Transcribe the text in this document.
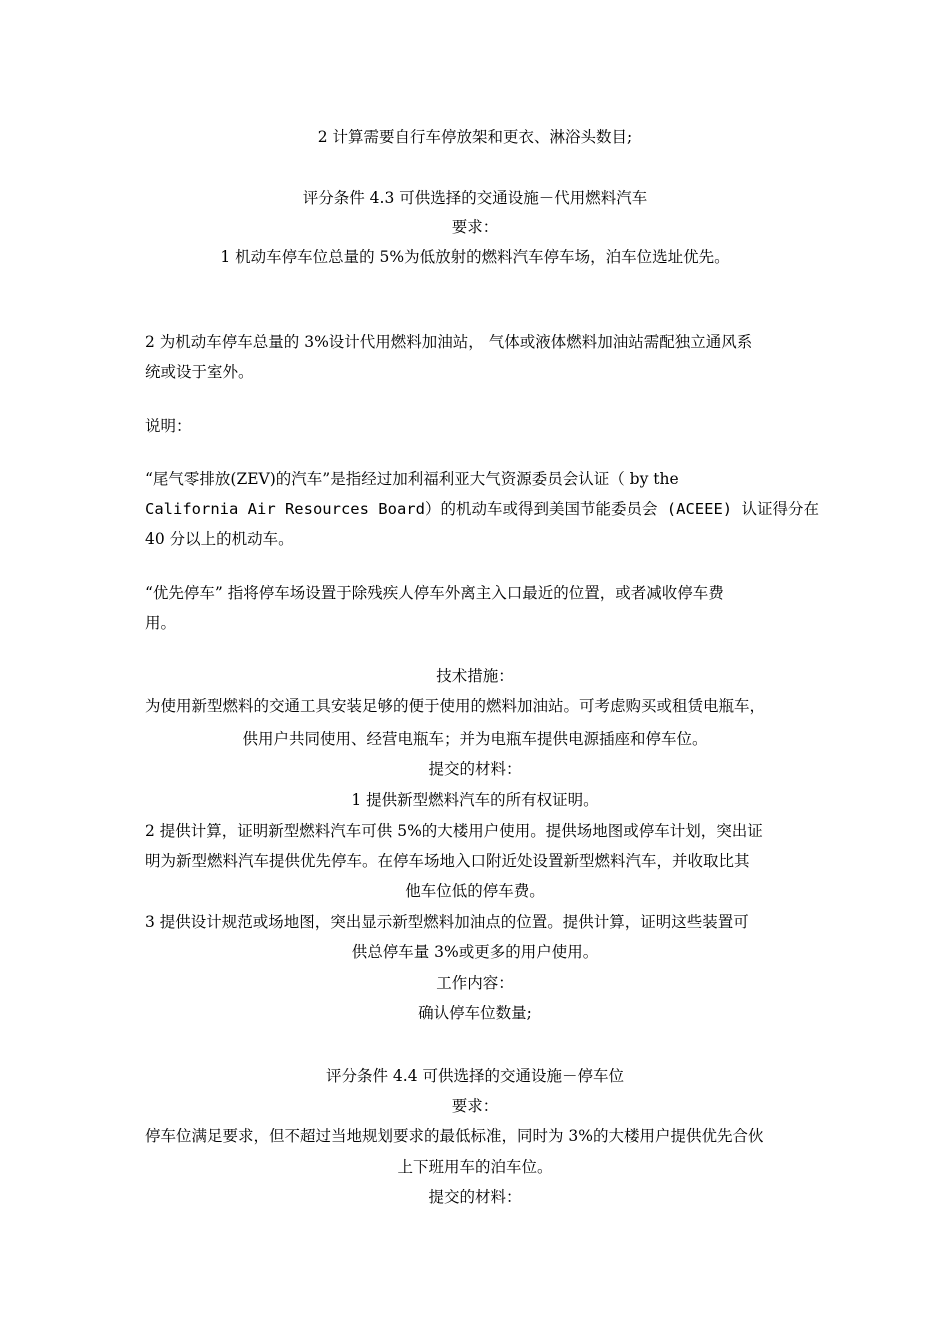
2 计算需要自行车停放架和更衣、淋浴头数目;

评分条件 4.3 可供选择的交通设施－代用燃料汽车

要求：

1 机动车停车位总量的 5%为低放射的燃料汽车停车场，泊车位选址优先。

2 为机动车停车总量的 3%设计代用燃料加油站， 气体或液体燃料加油站需配独立通风系

统或设于室外。

说明：

“尾气零排放(ZEV)的汽车”是指经过加利福利亚大气资源委员会认证（ by the

California Air Resources Board）的机动车或得到美国节能委员会 (ACEEE) 认证得分在

40 分以上的机动车。

“优先停车” 指将停车场设置于除残疾人停车外离主入口最近的位置，或者减收停车费

用。

技术措施：

为使用新型燃料的交通工具安装足够的便于使用的燃料加油站。可考虑购买或租赁电瓶车，

供用户共同使用、经营电瓶车；并为电瓶车提供电源插座和停车位。

提交的材料：

1 提供新型燃料汽车的所有权证明。

2 提供计算，证明新型燃料汽车可供 5%的大楼用户使用。提供场地图或停车计划，突出证

明为新型燃料汽车提供优先停车。在停车场地入口附近处设置新型燃料汽车，并收取比其

他车位低的停车费。

3 提供设计规范或场地图，突出显示新型燃料加油点的位置。提供计算，证明这些装置可

供总停车量 3%或更多的用户使用。

工作内容：

确认停车位数量;

评分条件 4.4 可供选择的交通设施－停车位

要求：

停车位满足要求，但不超过当地规划要求的最低标准，同时为 3%的大楼用户提供优先合伙

上下班用车的泊车位。

提交的材料：
